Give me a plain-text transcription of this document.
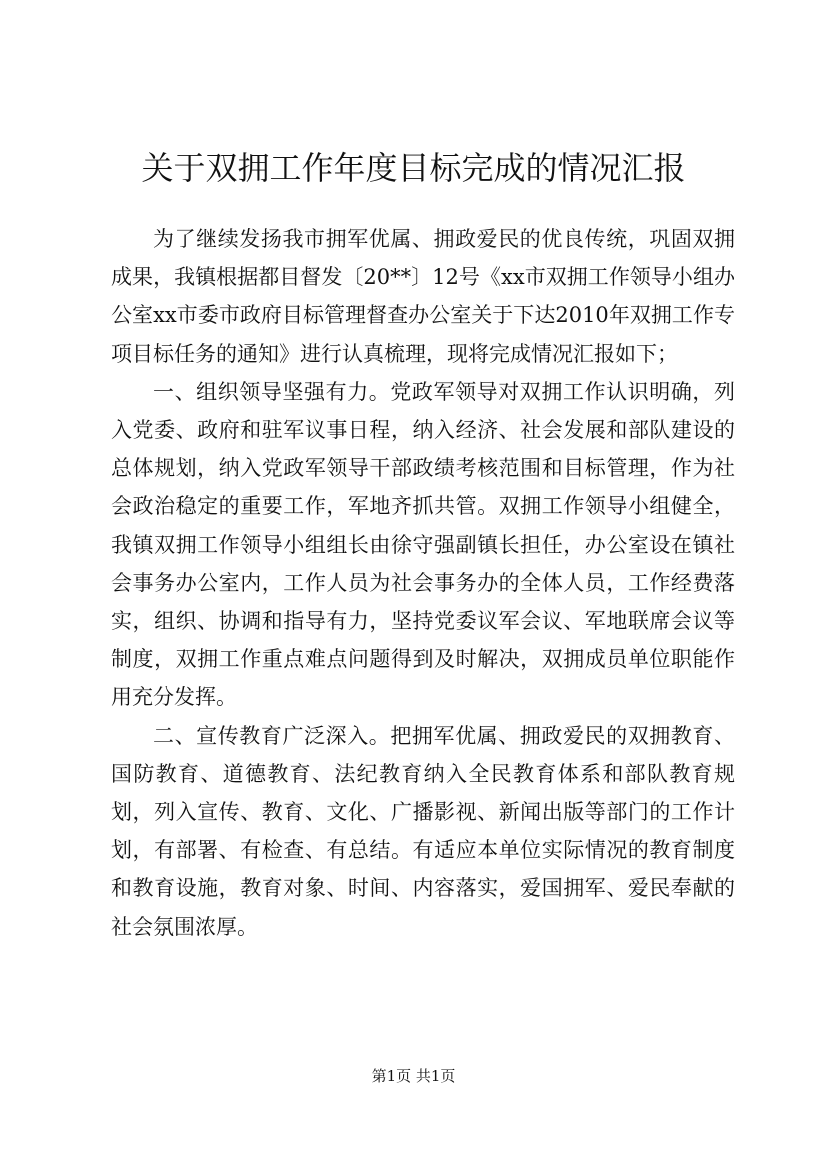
关于双拥工作年度目标完成的情况汇报

为了继续发扬我市拥军优属、拥政爱民的优良传统，巩固双拥成果，我镇根据都目督发〔20**〕12号《xx市双拥工作领导小组办公室xx市委市政府目标管理督查办公室关于下达2010年双拥工作专项目标任务的通知》进行认真梳理，现将完成情况汇报如下；

一、组织领导坚强有力。党政军领导对双拥工作认识明确，列入党委、政府和驻军议事日程，纳入经济、社会发展和部队建设的总体规划，纳入党政军领导干部政绩考核范围和目标管理，作为社会政治稳定的重要工作，军地齐抓共管。双拥工作领导小组健全，我镇双拥工作领导小组组长由徐守强副镇长担任，办公室设在镇社会事务办公室内，工作人员为社会事务办的全体人员，工作经费落实，组织、协调和指导有力，坚持党委议军会议、军地联席会议等制度，双拥工作重点难点问题得到及时解决，双拥成员单位职能作用充分发挥。

二、宣传教育广泛深入。把拥军优属、拥政爱民的双拥教育、国防教育、道德教育、法纪教育纳入全民教育体系和部队教育规划，列入宣传、教育、文化、广播影视、新闻出版等部门的工作计划，有部署、有检查、有总结。有适应本单位实际情况的教育制度和教育设施，教育对象、时间、内容落实，爱国拥军、爱民奉献的社会氛围浓厚。

第1页 共1页
